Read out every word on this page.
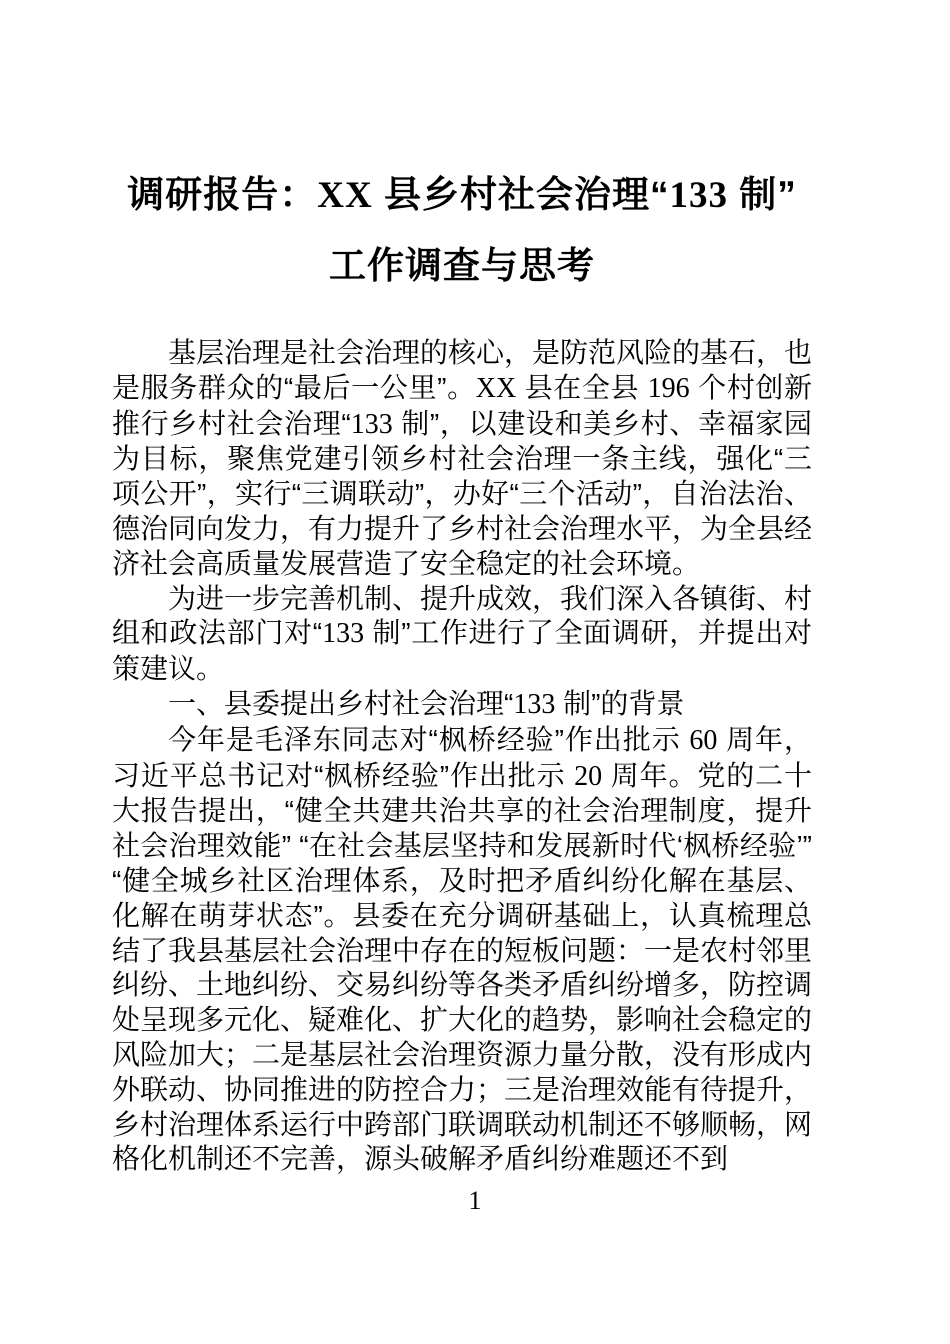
调研报告：XX 县乡村社会治理“133 制”
工作调查与思考

基层治理是社会治理的核心，是防范风险的基石，也是服务群众的“最后一公里”。XX 县在全县 196 个村创新推行乡村社会治理“133 制”，以建设和美乡村、幸福家园为目标，聚焦党建引领乡村社会治理一条主线，强化“三项公开”，实行“三调联动”，办好“三个活动”，自治法治、德治同向发力，有力提升了乡村社会治理水平，为全县经济社会高质量发展营造了安全稳定的社会环境。

为进一步完善机制、提升成效，我们深入各镇街、村组和政法部门对“133 制”工作进行了全面调研，并提出对策建议。

一、县委提出乡村社会治理“133 制”的背景

今年是毛泽东同志对“枫桥经验”作出批示 60 周年，习近平总书记对“枫桥经验”作出批示 20 周年。党的二十大报告提出，“健全共建共治共享的社会治理制度，提升社会治理效能” “在社会基层坚持和发展新时代‘枫桥经验’” “健全城乡社区治理体系，及时把矛盾纠纷化解在基层、化解在萌芽状态”。县委在充分调研基础上，认真梳理总结了我县基层社会治理中存在的短板问题：一是农村邻里纠纷、土地纠纷、交易纠纷等各类矛盾纠纷增多，防控调处呈现多元化、疑难化、扩大化的趋势，影响社会稳定的风险加大；二是基层社会治理资源力量分散，没有形成内外联动、协同推进的防控合力；三是治理效能有待提升，乡村治理体系运行中跨部门联调联动机制还不够顺畅，网格化机制还不完善，源头破解矛盾纠纷难题还不到

1
